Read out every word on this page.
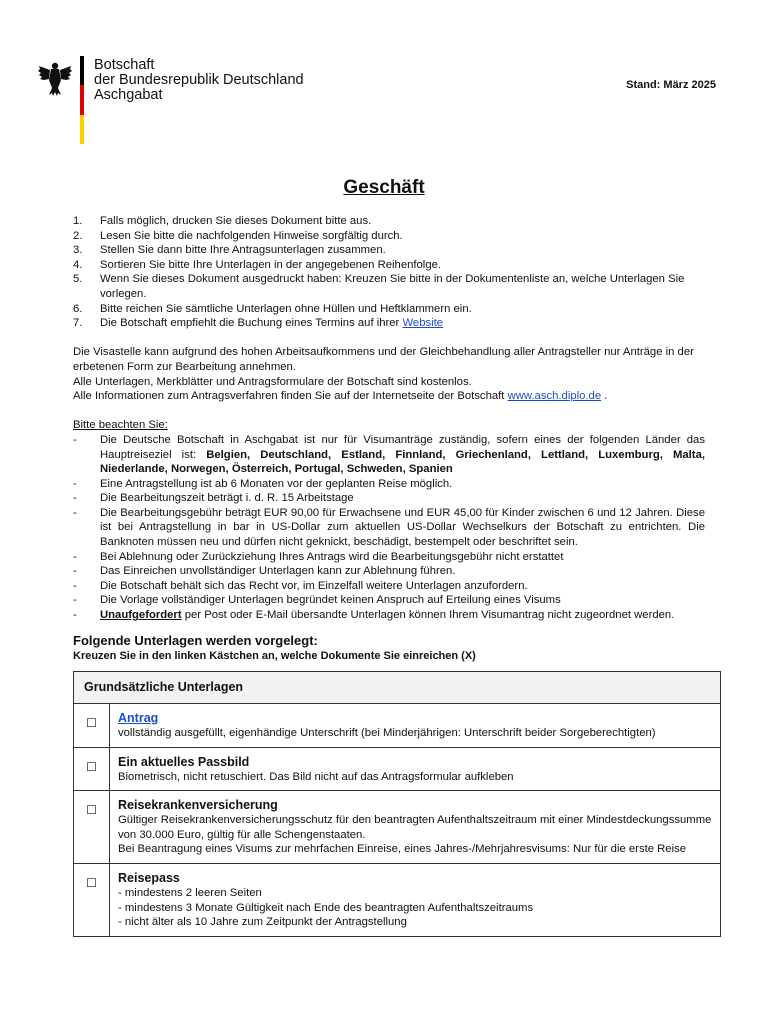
Botschaft
der Bundesrepublik Deutschland
Aschgabat
Stand: März 2025
Geschäft
1. Falls möglich, drucken Sie dieses Dokument bitte aus.
2. Lesen Sie bitte die nachfolgenden Hinweise sorgfältig durch.
3. Stellen Sie dann bitte Ihre Antragsunterlagen zusammen.
4. Sortieren Sie bitte Ihre Unterlagen in der angegebenen Reihenfolge.
5. Wenn Sie dieses Dokument ausgedruckt haben: Kreuzen Sie bitte in der Dokumentenliste an, welche Unterlagen Sie vorlegen.
6. Bitte reichen Sie sämtliche Unterlagen ohne Hüllen und Heftklammern ein.
7. Die Botschaft empfiehlt die Buchung eines Termins auf ihrer Website

Die Visastelle kann aufgrund des hohen Arbeitsaufkommens und der Gleichbehandlung aller Antragsteller nur Anträge in der erbetenen Form zur Bearbeitung annehmen.

Alle Unterlagen, Merkblätter und Antragsformulare der Botschaft sind kostenlos.

Alle Informationen zum Antragsverfahren finden Sie auf der Internetseite der Botschaft www.asch.diplo.de .

Bitte beachten Sie:

- Die Deutsche Botschaft in Aschgabat ist nur für Visumanträge zuständig, sofern eines der folgenden Länder das Hauptreiseziel ist: Belgien, Deutschland, Estland, Finnland, Griechenland, Lettland, Luxemburg, Malta, Niederlande, Norwegen, Österreich, Portugal, Schweden, Spanien
- Eine Antragstellung ist ab 6 Monaten vor der geplanten Reise möglich.
- Die Bearbeitungszeit beträgt i. d. R. 15 Arbeitstage
- Die Bearbeitungsgebühr beträgt EUR 90,00 für Erwachsene und EUR 45,00 für Kinder zwischen 6 und 12 Jahren. Diese ist bei Antragstellung in bar in US-Dollar zum aktuellen US-Dollar Wechselkurs der Botschaft zu entrichten. Die Banknoten müssen neu und dürfen nicht geknickt, beschädigt, bestempelt oder beschriftet sein.
- Bei Ablehnung oder Zurückziehung Ihres Antrags wird die Bearbeitungsgebühr nicht erstattet
- Das Einreichen unvollständiger Unterlagen kann zur Ablehnung führen.
- Die Botschaft behält sich das Recht vor, im Einzelfall weitere Unterlagen anzufordern.
- Die Vorlage vollständiger Unterlagen begründet keinen Anspruch auf Erteilung eines Visums
- Unaufgefordert per Post oder E-Mail übersandte Unterlagen können Ihrem Visumantrag nicht zugeordnet werden.

Folgende Unterlagen werden vorgelegt:

Kreuzen Sie in den linken Kästchen an, welche Dokumente Sie einreichen (X)

Grundsätzliche Unterlagen	
☐	Antrag
vollständig ausgefüllt, eigenhändige Unterschrift (bei Minderjährigen: Unterschrift beider Sorgeberechtigten)

☐	Ein aktuelles Passbild
Biometrisch, nicht retuschiert. Das Bild nicht auf das Antragsformular aufkleben

☐	Reisekrankenversicherung
Gültiger Reisekrankenversicherungsschutz für den beantragten Aufenthaltszeitraum mit einer Mindestdeckungssumme von 30.000 Euro, gültig für alle Schengenstaaten.
Bei Beantragung eines Visums zur mehrfachen Einreise, eines Jahres-/Mehrjahresvisums: Nur für die erste Reise

☐	Reisepass
- mindestens 2 leeren Seiten
- mindestens 3 Monate Gültigkeit nach Ende des beantragten Aufenthaltszeitraums
- nicht älter als 10 Jahre zum Zeitpunkt der Antragstellung
